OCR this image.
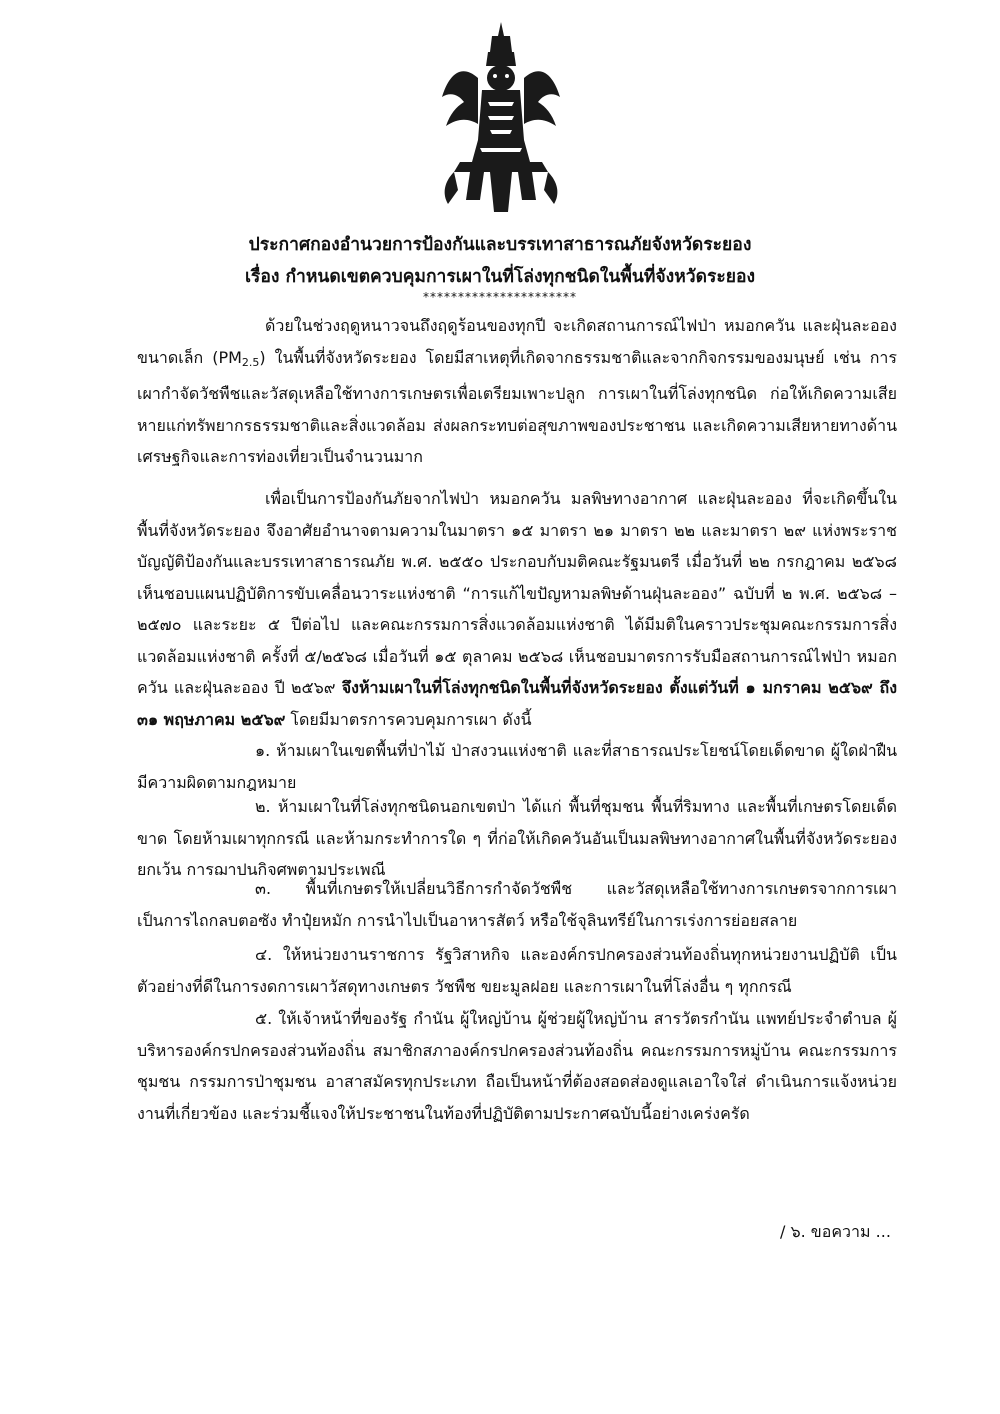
ประกาศกองอำนวยการป้องกันและบรรเทาสาธารณภัยจังหวัดระยอง
เรื่อง กำหนดเขตควบคุมการเผาในที่โล่งทุกชนิดในพื้นที่จังหวัดระยอง
**********************

ด้วยในช่วงฤดูหนาวจนถึงฤดูร้อนของทุกปี จะเกิดสถานการณ์ไฟป่า หมอกควัน และฝุ่นละออง ขนาดเล็ก $(PM_{2.5})$ ในพื้นที่จังหวัดระยอง โดยมีสาเหตุที่เกิดจากธรรมชาติและจากกิจกรรมของมนุษย์ เช่น การเผากำจัดวัชพืชและวัสดุเหลือใช้ทางการเกษตรเพื่อเตรียมเพาะปลูก การเผาในที่โล่งทุกชนิด ก่อให้เกิดความเสียหายแก่ทรัพยากรธรรมชาติและสิ่งแวดล้อม ส่งผลกระทบต่อสุขภาพของประชาชน และเกิดความเสียหายทางด้านเศรษฐกิจและการท่องเที่ยวเป็นจำนวนมาก

เพื่อเป็นการป้องกันภัยจากไฟป่า หมอกควัน มลพิษทางอากาศ และฝุ่นละออง ที่จะเกิดขึ้นในพื้นที่จังหวัดระยอง จึงอาศัยอำนาจตามความในมาตรา ๑๕ มาตรา ๒๑ มาตรา ๒๒ และมาตรา ๒๙ แห่งพระราชบัญญัติป้องกันและบรรเทาสาธารณภัย พ.ศ. ๒๕๕๐ ประกอบกับมติคณะรัฐมนตรี เมื่อวันที่ ๒๒ กรกฎาคม ๒๕๖๘ เห็นชอบแผนปฏิบัติการขับเคลื่อนวาระแห่งชาติ “การแก้ไขปัญหามลพิษด้านฝุ่นละออง” ฉบับที่ ๒ พ.ศ. ๒๕๖๘ – ๒๕๗๐ และระยะ ๕ ปีต่อไป และคณะกรรมการสิ่งแวดล้อมแห่งชาติ ได้มีมติในคราวประชุมคณะกรรมการสิ่งแวดล้อมแห่งชาติ ครั้งที่ ๕/๒๕๖๘ เมื่อวันที่ ๑๕ ตุลาคม ๒๕๖๘ เห็นชอบมาตรการรับมือสถานการณ์ไฟป่า หมอกควัน และฝุ่นละออง ปี ๒๕๖๙ จึงห้ามเผาในที่โล่งทุกชนิดในพื้นที่จังหวัดระยอง ตั้งแต่วันที่ ๑ มกราคม ๒๕๖๙ ถึง ๓๑ พฤษภาคม ๒๕๖๙ โดยมีมาตรการควบคุมการเผา ดังนี้

๑. ห้ามเผาในเขตพื้นที่ป่าไม้ ป่าสงวนแห่งชาติ และที่สาธารณประโยชน์โดยเด็ดขาด ผู้ใดฝ่าฝืน มีความผิดตามกฎหมาย

๒. ห้ามเผาในที่โล่งทุกชนิดนอกเขตป่า ได้แก่ พื้นที่ชุมชน พื้นที่ริมทาง และพื้นที่เกษตรโดยเด็ดขาด โดยห้ามเผาทุกกรณี และห้ามกระทำการใด ๆ ที่ก่อให้เกิดควันอันเป็นมลพิษทางอากาศในพื้นที่จังหวัดระยอง ยกเว้น การฌาปนกิจศพตามประเพณี

๓. พื้นที่เกษตรให้เปลี่ยนวิธีการกำจัดวัชพืช และวัสดุเหลือใช้ทางการเกษตรจากการเผา เป็นการไถกลบตอซัง ทำปุ๋ยหมัก การนำไปเป็นอาหารสัตว์ หรือใช้จุลินทรีย์ในการเร่งการย่อยสลาย

๔. ให้หน่วยงานราชการ รัฐวิสาหกิจ และองค์กรปกครองส่วนท้องถิ่นทุกหน่วยงานปฏิบัติ เป็นตัวอย่างที่ดีในการงดการเผาวัสดุทางเกษตร วัชพืช ขยะมูลฝอย และการเผาในที่โล่งอื่น ๆ ทุกกรณี

๕. ให้เจ้าหน้าที่ของรัฐ กำนัน ผู้ใหญ่บ้าน ผู้ช่วยผู้ใหญ่บ้าน สารวัตรกำนัน แพทย์ประจำตำบล ผู้บริหารองค์กรปกครองส่วนท้องถิ่น สมาชิกสภาองค์กรปกครองส่วนท้องถิ่น คณะกรรมการหมู่บ้าน คณะกรรมการชุมชน กรรมการป่าชุมชน อาสาสมัครทุกประเภท ถือเป็นหน้าที่ต้องสอดส่องดูแลเอาใจใส่ ดำเนินการแจ้งหน่วยงานที่เกี่ยวข้อง และร่วมชี้แจงให้ประชาชนในท้องที่ปฏิบัติตามประกาศฉบับนี้อย่างเคร่งครัด

/ ๖. ขอความ ...
